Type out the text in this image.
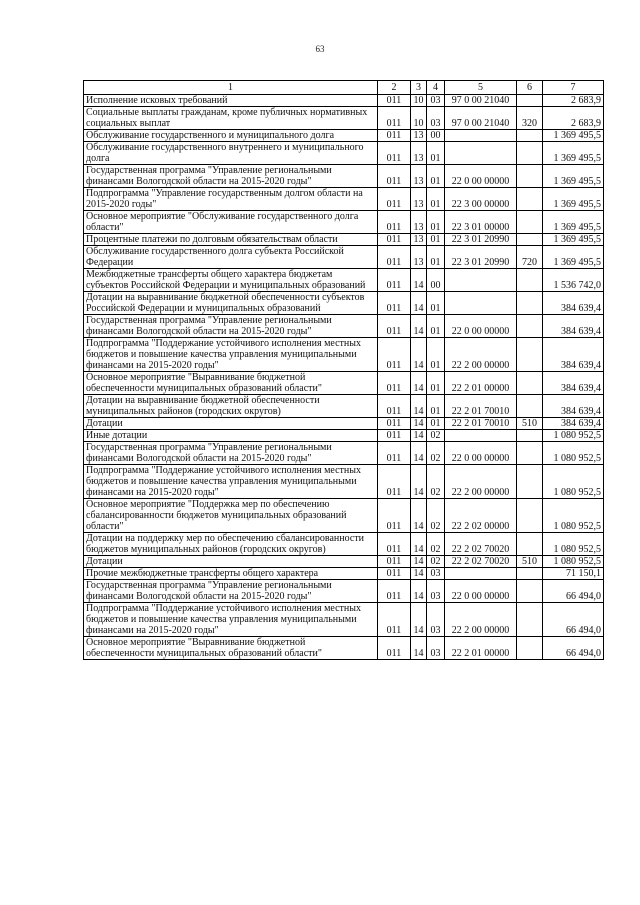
63
1	2	3	4	5	6	7
Исполнение исковых требований	011	10	03	97 0 00 21040		2 683,9
Социальные выплаты гражданам, кроме публичных нормативных социальных выплат	011	10	03	97 0 00 21040	320	2 683,9
Обслуживание государственного и муниципального долга	011	13	00			1 369 495,5
Обслуживание государственного внутреннего и муниципального долга	011	13	01			1 369 495,5
Государственная программа "Управление региональными финансами Вологодской области на 2015-2020 годы"	011	13	01	22 0 00 00000		1 369 495,5
Подпрограмма "Управление государственным долгом области на 2015-2020 годы"	011	13	01	22 3 00 00000		1 369 495,5
Основное мероприятие "Обслуживание государственного долга области"	011	13	01	22 3 01 00000		1 369 495,5
Процентные платежи по долговым обязательствам области	011	13	01	22 3 01 20990		1 369 495,5
Обслуживание государственного долга субъекта Российской Федерации	011	13	01	22 3 01 20990	720	1 369 495,5
Межбюджетные трансферты общего характера бюджетам субъектов Российской Федерации и муниципальных образований	011	14	00			1 536 742,0
Дотации на выравнивание бюджетной обеспеченности субъектов Российской Федерации и муниципальных образований	011	14	01			384 639,4
Государственная программа "Управление региональными финансами Вологодской области на 2015-2020 годы"	011	14	01	22 0 00 00000		384 639,4
Подпрограмма "Поддержание устойчивого исполнения местных бюджетов и повышение качества управления муниципальными финансами на 2015-2020 годы"	011	14	01	22 2 00 00000		384 639,4
Основное мероприятие "Выравнивание бюджетной обеспеченности муниципальных образований области"	011	14	01	22 2 01 00000		384 639,4
Дотации на выравнивание бюджетной обеспеченности муниципальных районов (городских округов)	011	14	01	22 2 01 70010		384 639,4
Дотации	011	14	01	22 2 01 70010	510	384 639,4
Иные дотации	011	14	02			1 080 952,5
Государственная программа "Управление региональными финансами Вологодской области на 2015-2020 годы"	011	14	02	22 0 00 00000		1 080 952,5
Подпрограмма "Поддержание устойчивого исполнения местных бюджетов и повышение качества управления муниципальными финансами на 2015-2020 годы"	011	14	02	22 2 00 00000		1 080 952,5
Основное мероприятие "Поддержка мер по обеспечению сбалансированности бюджетов муниципальных образований области"	011	14	02	22 2 02 00000		1 080 952,5
Дотации на поддержку мер по обеспечению сбалансированности бюджетов муниципальных районов (городских округов)	011	14	02	22 2 02 70020		1 080 952,5
Дотации	011	14	02	22 2 02 70020	510	1 080 952,5
Прочие межбюджетные трансферты общего характера	011	14	03			71 150,1
Государственная программа "Управление региональными финансами Вологодской области на 2015-2020 годы"	011	14	03	22 0 00 00000		66 494,0
Подпрограмма "Поддержание устойчивого исполнения местных бюджетов и повышение качества управления муниципальными финансами на 2015-2020 годы"	011	14	03	22 2 00 00000		66 494,0
Основное мероприятие "Выравнивание бюджетной обеспеченности муниципальных образований области"	011	14	03	22 2 01 00000		66 494,0
